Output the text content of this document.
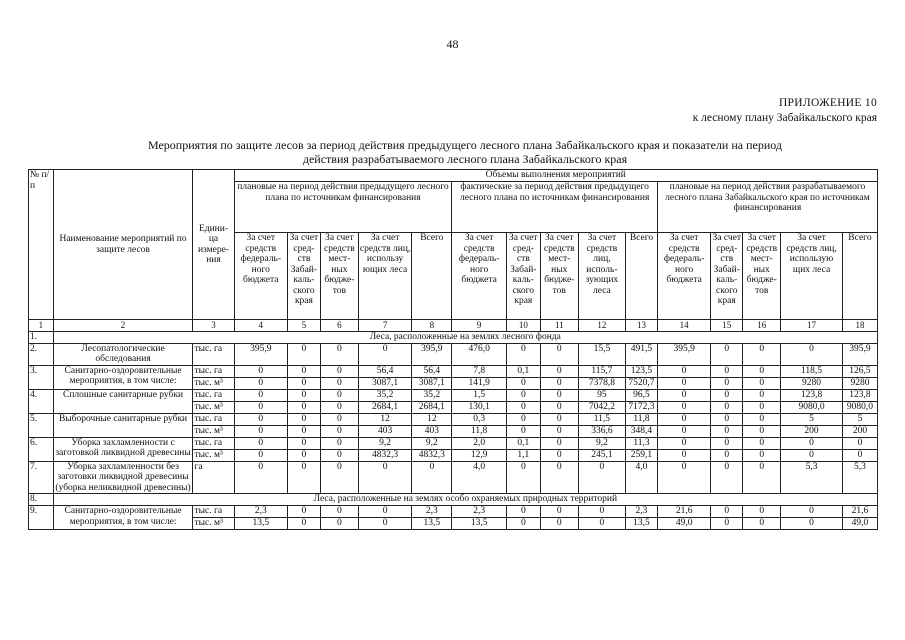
48
ПРИЛОЖЕНИЕ 10
к лесному плану Забайкальского края
Мероприятия по защите лесов за период действия предыдущего лесного плана Забайкальского края и показатели на период
действия разрабатываемого лесного плана Забайкальского края
№ п/п	Наименование мероприятий по защите лесов	Едини-ца измере-ния	Объемы выполнения мероприятий														
			плановые на период действия предыдущего лесного плана по источникам финансирования					фактические за период действия предыдущего лесного плана по источникам финансирования					плановые на период действия разрабатываемого лесного плана Забайкальского края по источникам финансирования				
			За счет средств федераль-ного бюджета	За счет сред-ств Забай-каль-ского края	За счет средств мест-ных бюдже-тов	За счет средств лиц, использу ющих леса	Всего	За счет средств федераль-ного бюджета	За счет сред-ств Забай-каль-ского края	За счет средств мест-ных бюдже-тов	За счет средств лиц, исполь-зующих леса	Всего	За счет средств федераль-ного бюджета	За счет сред-ств Забай-каль-ского края	За счет средств мест-ных бюдже-тов	За счет средств лиц, использую щих леса	Всего
1	2	3	4	5	6	7	8	9	10	11	12	13	14	15	16	17	18
1.	Леса, расположенные на землях лесного фонда																
2.	Лесопатологические обследования	тыс. га	395,9	0	0	0	395,9	476,0	0	0	15,5	491,5	395,9	0	0	0	395,9
3.	Санитарно-оздоровительные мероприятия, в том числе:	тыс. га	0	0	0	56,4	56,4	7,8	0,1	0	115,7	123,5	0	0	0	118,5	126,5
		тыс. м³	0	0	0	3087,1	3087,1	141,9	0	0	7378,8	7520,7	0	0	0	9280	9280
4.	Сплошные санитарные рубки	тыс. га	0	0	0	35,2	35,2	1,5	0	0	95	96,5	0	0	0	123,8	123,8
		тыс. м³	0	0	0	2684,1	2684,1	130,1	0	0	7042,2	7172,3	0	0	0	9080,0	9080,0
5.	Выборочные санитарные рубки	тыс. га	0	0	0	12	12	0,3	0	0	11,5	11,8	0	0	0	5	5
		тыс. м³	0	0	0	403	403	11,8	0	0	336,6	348,4	0	0	0	200	200
6.	Уборка захламленности с заготовкой ликвидной древесины	тыс. га	0	0	0	9,2	9,2	2,0	0,1	0	9,2	11,3	0	0	0	0	0
		тыс. м³	0	0	0	4832,3	4832,3	12,9	1,1	0	245,1	259,1	0	0	0	0	0
7.	Уборка захламленности без заготовки ликвидной древесины (уборка неликвидной древесины)	га	0	0	0	0	0	4,0	0	0	0	4,0	0	0	0	5,3	5,3
8.	Леса, расположенные на землях особо охраняемых природных территорий																
9.	Санитарно-оздоровительные мероприятия, в том числе:	тыс. га	2,3	0	0	0	2,3	2,3	0	0	0	2,3	21,6	0	0	0	21,6
		тыс. м³	13,5	0	0	0	13,5	13,5	0	0	0	13,5	49,0	0	0	0	49,0
